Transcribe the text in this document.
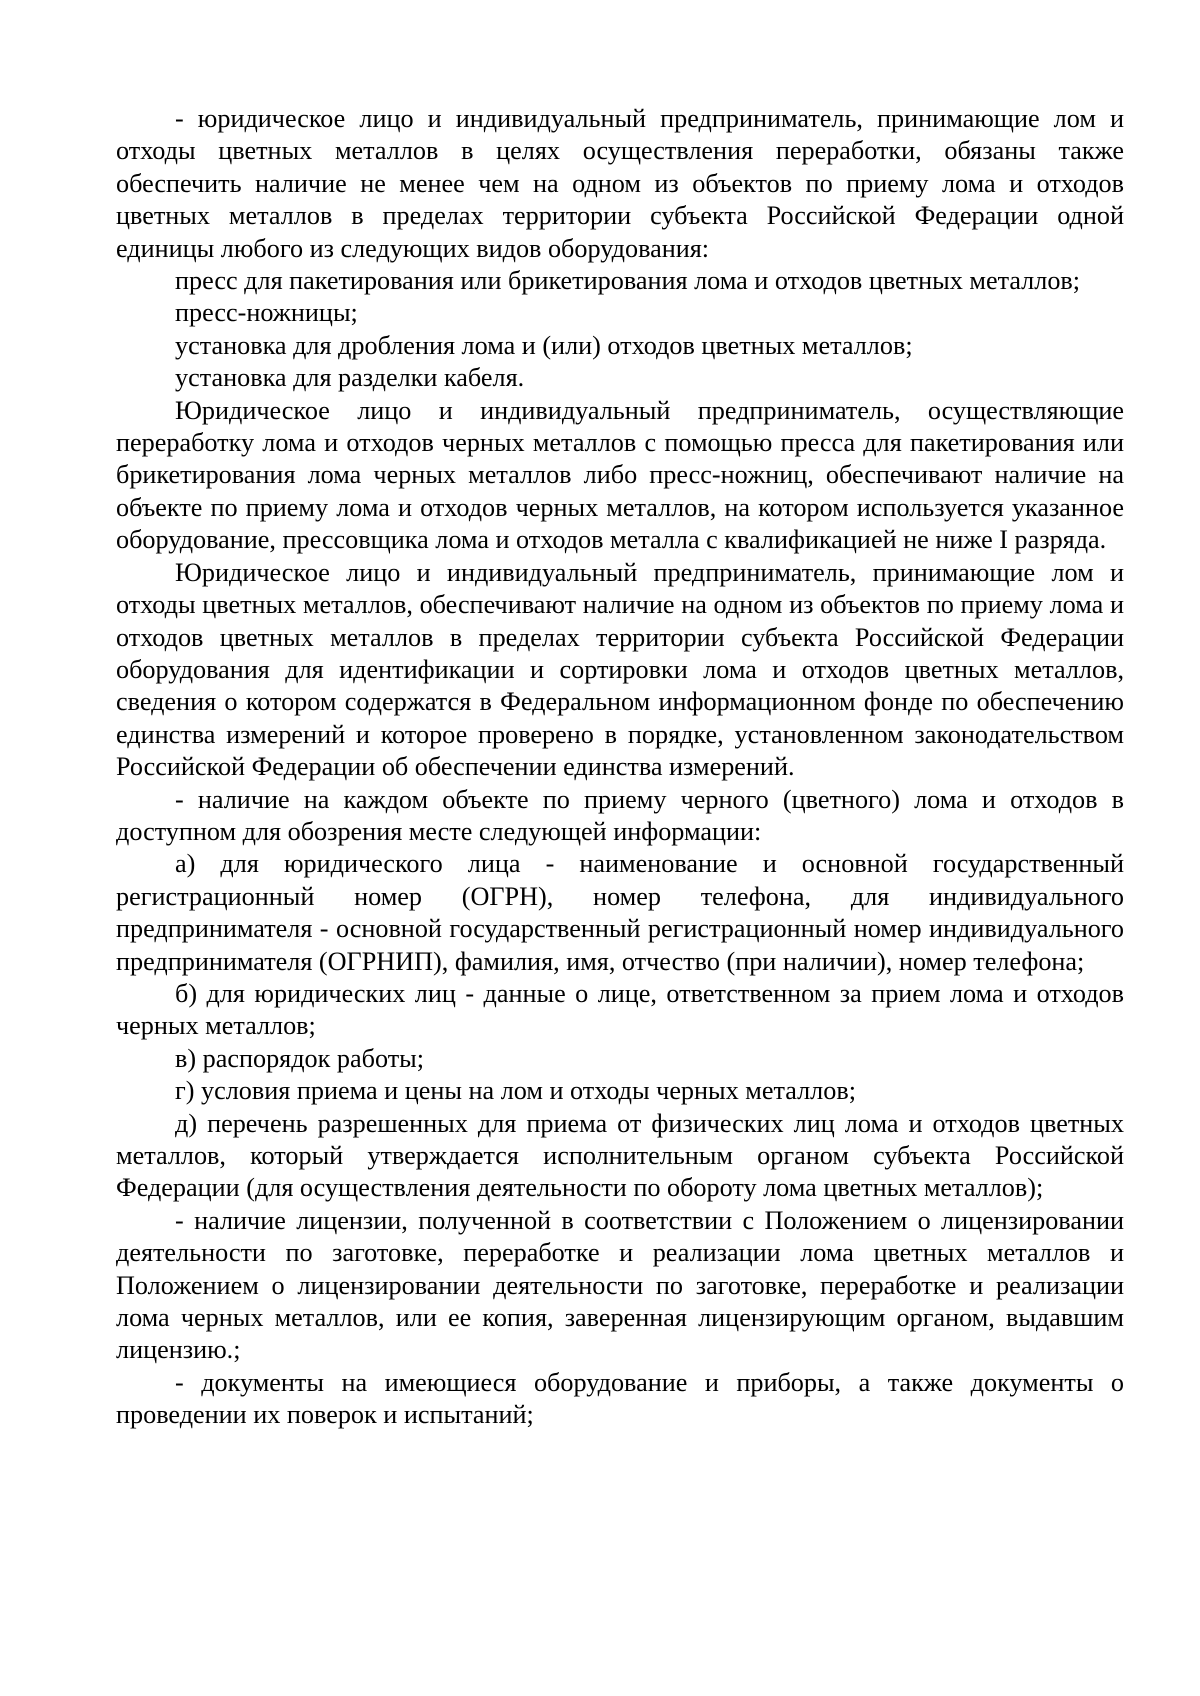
- юридическое лицо и индивидуальный предприниматель, принимающие лом и отходы цветных металлов в целях осуществления переработки, обязаны также обеспечить наличие не менее чем на одном из объектов по приему лома и отходов цветных металлов в пределах территории субъекта Российской Федерации одной единицы любого из следующих видов оборудования:

пресс для пакетирования или брикетирования лома и отходов цветных металлов;

пресс-ножницы;

установка для дробления лома и (или) отходов цветных металлов;

установка для разделки кабеля.

Юридическое лицо и индивидуальный предприниматель, осуществляющие переработку лома и отходов черных металлов с помощью пресса для пакетирования или брикетирования лома черных металлов либо пресс-ножниц, обеспечивают наличие на объекте по приему лома и отходов черных металлов, на котором используется указанное оборудование, прессовщика лома и отходов металла с квалификацией не ниже I разряда.

Юридическое лицо и индивидуальный предприниматель, принимающие лом и отходы цветных металлов, обеспечивают наличие на одном из объектов по приему лома и отходов цветных металлов в пределах территории субъекта Российской Федерации оборудования для идентификации и сортировки лома и отходов цветных металлов, сведения о котором содержатся в Федеральном информационном фонде по обеспечению единства измерений и которое проверено в порядке, установленном законодательством Российской Федерации об обеспечении единства измерений.

- наличие на каждом объекте по приему черного (цветного) лома и отходов в доступном для обозрения месте следующей информации:

а) для юридического лица - наименование и основной государственный регистрационный номер (ОГРН), номер телефона, для индивидуального предпринимателя - основной государственный регистрационный номер индивидуального предпринимателя (ОГРНИП), фамилия, имя, отчество (при наличии), номер телефона;

б) для юридических лиц - данные о лице, ответственном за прием лома и отходов черных металлов;

в) распорядок работы;

г) условия приема и цены на лом и отходы черных металлов;

д) перечень разрешенных для приема от физических лиц лома и отходов цветных металлов, который утверждается исполнительным органом субъекта Российской Федерации (для осуществления деятельности по обороту лома цветных металлов);

- наличие лицензии, полученной в соответствии с Положением о лицензировании деятельности по заготовке, переработке и реализации лома цветных металлов и Положением о лицензировании деятельности по заготовке, переработке и реализации лома черных металлов, или ее копия, заверенная лицензирующим органом, выдавшим лицензию.;

- документы на имеющиеся оборудование и приборы, а также документы о проведении их поверок и испытаний;
